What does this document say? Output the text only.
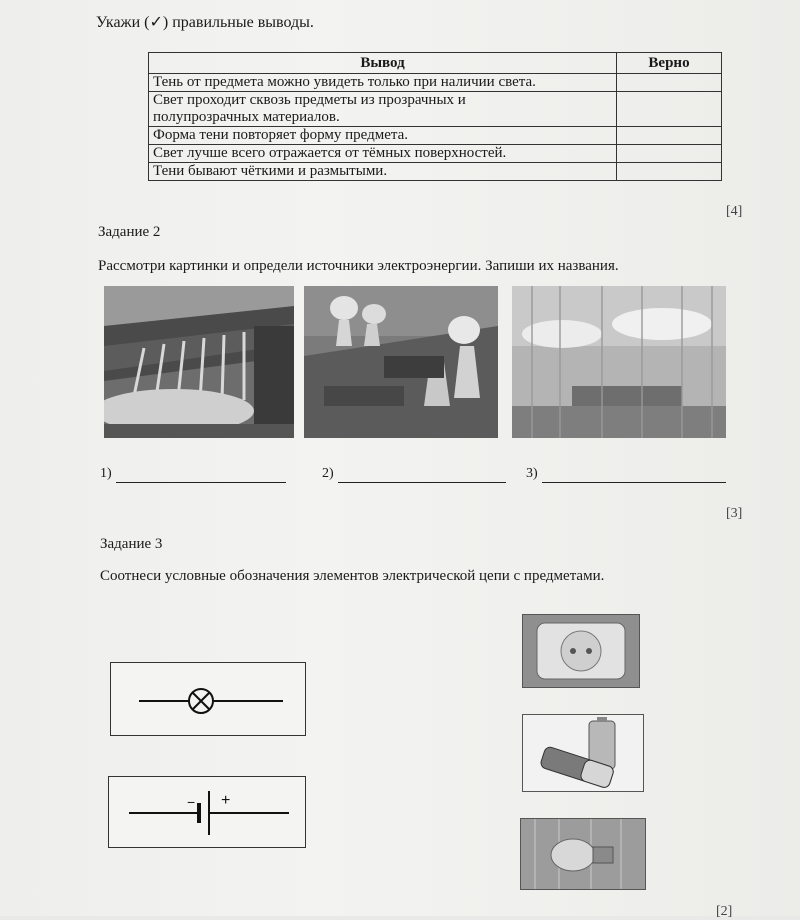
Укажи (✓) правильные выводы.
Вывод	Верно
Тень от предмета можно увидеть только при наличии света.	
Свет проходит сквозь предметы из прозрачных и полупрозрачных материалов.	
Форма тени повторяет форму предмета.	
Свет лучше всего отражается от тёмных поверхностей.	
Тени бывают чёткими и размытыми.	
[4]
Задание 2
Рассмотри картинки и определи источники электроэнергии. Запиши их названия.
1)	2)	3)
[3]
Задание 3
Соотнеси условные обозначения элементов электрической цепи с предметами.
− +
[2]
